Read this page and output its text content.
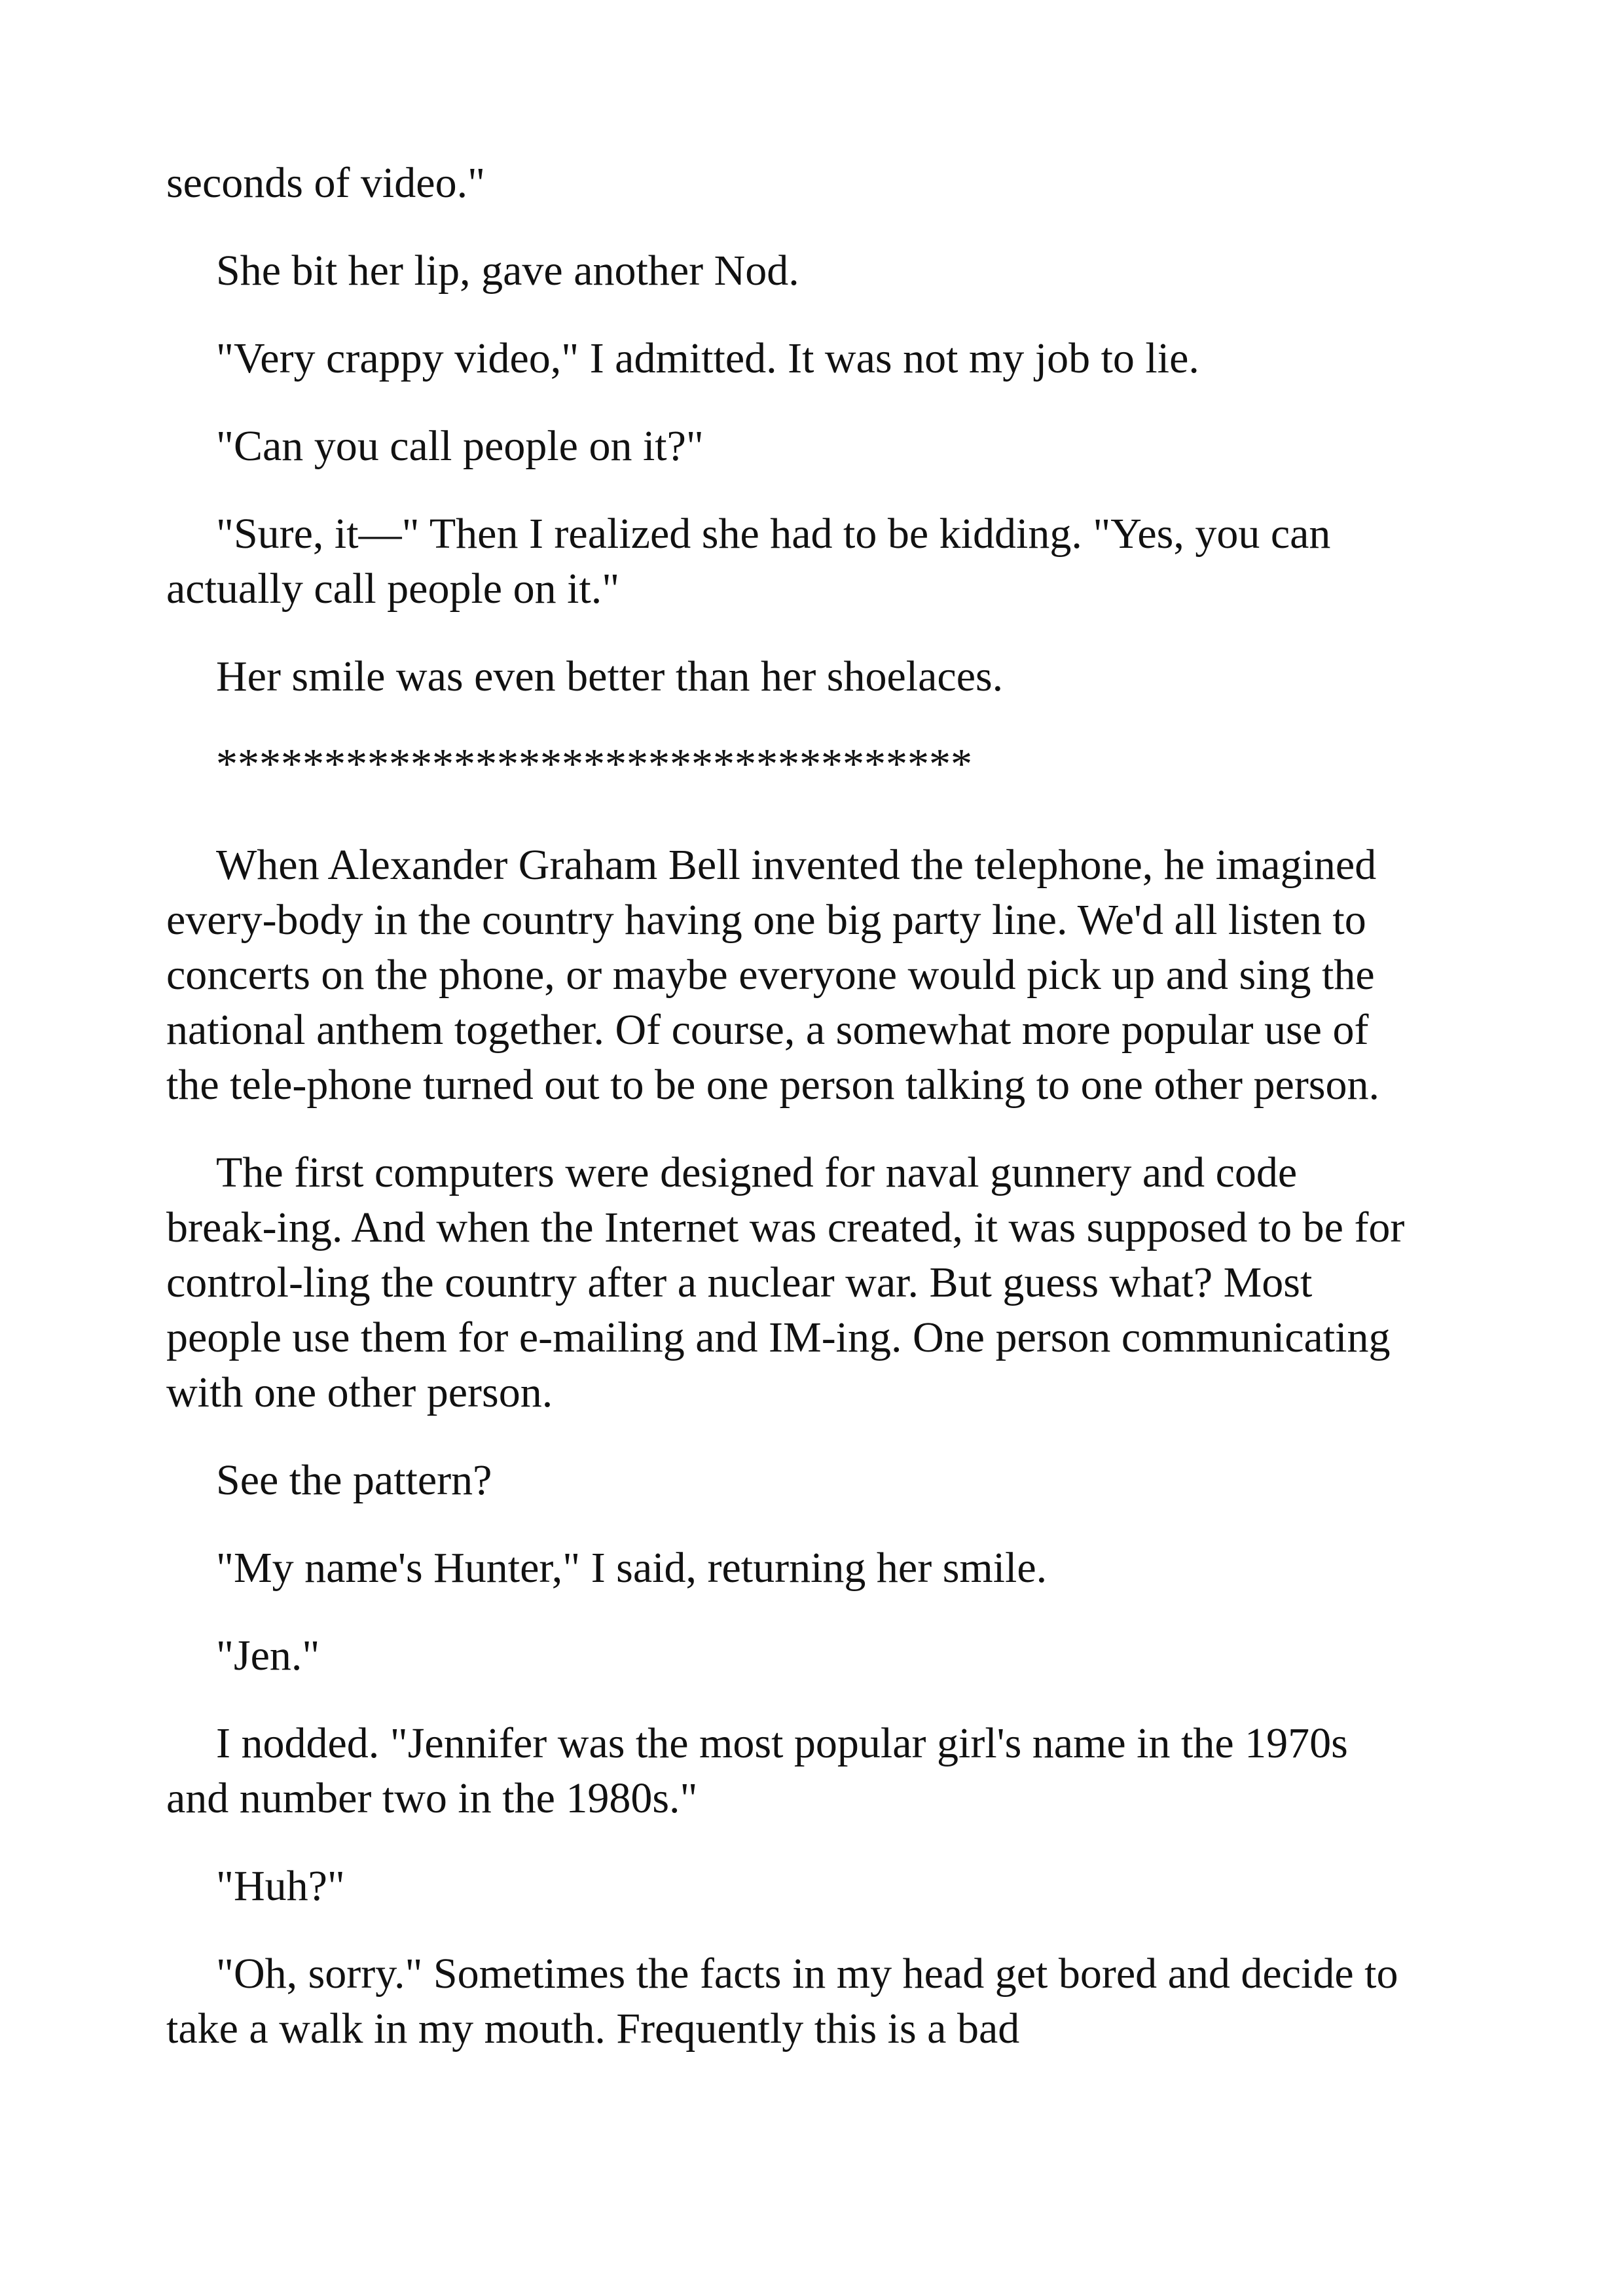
seconds of video."

She bit her lip, gave another Nod.

"Very crappy video," I admitted. It was not my job to lie.

"Can you call people on it?"

"Sure, it—" Then I realized she had to be kidding. "Yes, you can actually call people on it."

Her smile was even better than her shoelaces.

***********************************

When Alexander Graham Bell invented the telephone, he imagined every-body in the country having one big party line. We'd all listen to concerts on the phone, or maybe everyone would pick up and sing the national anthem together. Of course, a somewhat more popular use of the tele-phone turned out to be one person talking to one other person.

The first computers were designed for naval gunnery and code break-ing. And when the Internet was created, it was supposed to be for control-ling the country after a nuclear war. But guess what? Most people use them for e-mailing and IM-ing. One person communicating with one other person.

See the pattern?

"My name's Hunter," I said, returning her smile.

"Jen."

I nodded. "Jennifer was the most popular girl's name in the 1970s and number two in the 1980s."

"Huh?"

"Oh, sorry." Sometimes the facts in my head get bored and decide to take a walk in my mouth. Frequently this is a bad
